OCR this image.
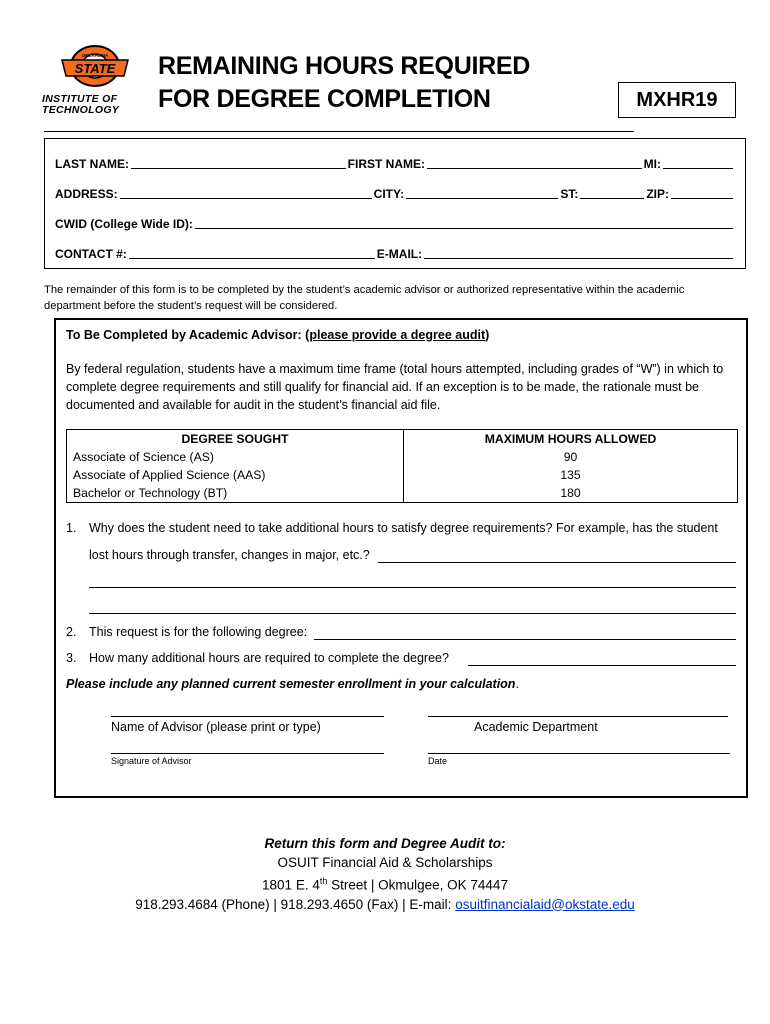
STATE
OKLAHOMA
INSTITUTE OF
TECHNOLOGY
REMAINING HOURS REQUIRED
FOR DEGREE COMPLETION	MXHR19
LAST NAME:	FIRST NAME:	MI:
ADDRESS:	CITY:	ST:	ZIP:
CWID (College Wide ID):
CONTACT #:	E-MAIL:
The remainder of this form is to be completed by the student’s academic advisor or authorized representative within the academic department before the student’s request will be considered.
To Be Completed by Academic Advisor: (please provide a degree audit)
By federal regulation, students have a maximum time frame (total hours attempted, including grades of “W”) in which to complete degree requirements and still qualify for financial aid. If an exception is to be made, the rationale must be documented and available for audit in the student’s financial aid file.
DEGREE SOUGHT	MAXIMUM HOURS ALLOWED
Associate of Science (AS)	90
Associate of Applied Science (AAS)	135
Bachelor or Technology (BT)	180
1. Why does the student need to take additional hours to satisfy degree requirements? For example, has the student
lost hours through transfer, changes in major, etc.?
2. This request is for the following degree:
3. How many additional hours are required to complete the degree?
Please include any planned current semester enrollment in your calculation.
Name of Advisor (please print or type)	Academic Department
Signature of Advisor	Date
Return this form and Degree Audit to:
OSUIT Financial Aid & Scholarships
1801 E. 4th Street | Okmulgee, OK 74447
918.293.4684 (Phone) | 918.293.4650 (Fax) | E-mail: osuitfinancialaid@okstate.edu
